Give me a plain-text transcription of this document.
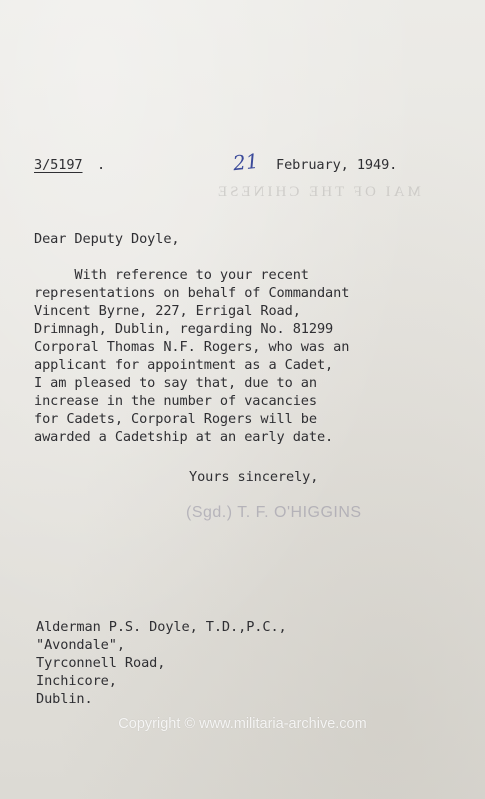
MAI OF THE CHINESE
3/5197 .	21 February, 1949.
Dear Deputy Doyle,
With reference to your recent
representations on behalf of Commandant
Vincent Byrne, 227, Errigal Road,
Drimnagh, Dublin, regarding No. 81299
Corporal Thomas N.F. Rogers, who was an
applicant for appointment as a Cadet,
I am pleased to say that, due to an
increase in the number of vacancies
for Cadets, Corporal Rogers will be
awarded a Cadetship at an early date.
Yours sincerely,
(Sgd.) T. F. O'HIGGINS
Alderman P.S. Doyle, T.D.,P.C.,
"Avondale",
Tyrconnell Road,
Inchicore,
Dublin.
Copyright © www.militaria-archive.com
